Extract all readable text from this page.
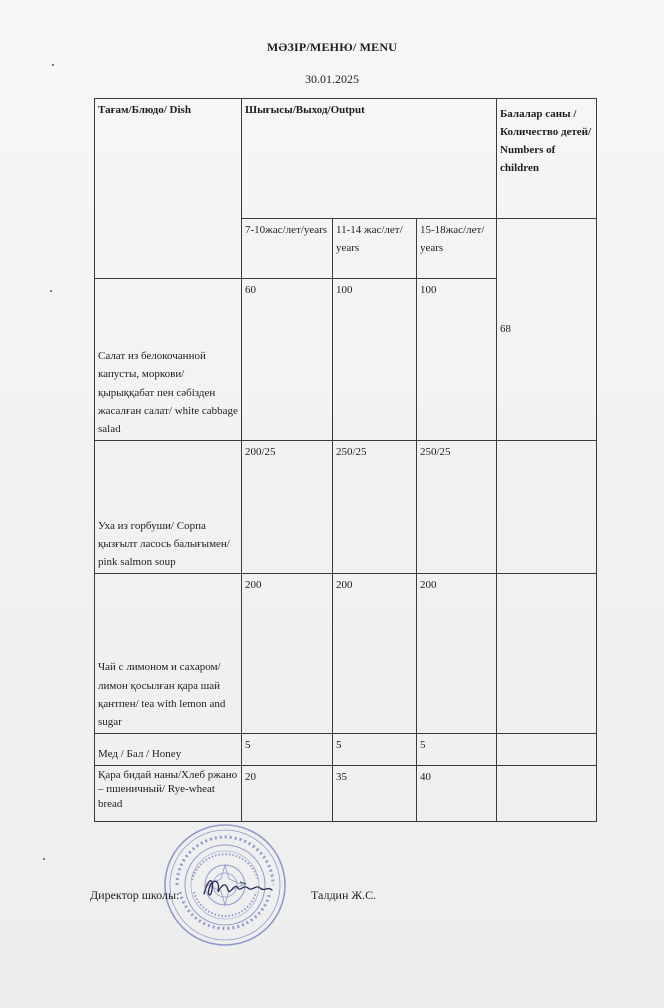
МӘЗІР/МЕНЮ/ MENU
30.01.2025
Тағам/Блюдо/ Dish	Шығысы/Выход/Output			Балалар саны /Количество детей/ Numbers of children
	7-10жас/лет/years	11-14 жас/лет/ years	15-18жас/лет/ years	68
Салат из белокочанной капусты, моркови/ қырыққабат пен сәбізден жасалған салат/ white cabbage salad	60	100	100	
Уха из горбуши/ Сорпа қызғылт ласось балығымен/ pink salmon soup	200/25	250/25	250/25	
Чай с лимоном и сахаром/ лимон қосылған қара шай қантпен/ tea with lemon and sugar	200	200	200	
Мед / Бал / Honey	5	5	5	
Қара бидай наны/Хлеб ржано – пшеничный/ Rye-wheat bread	20	35	40	
Директор школы:	Талдин Ж.С.
